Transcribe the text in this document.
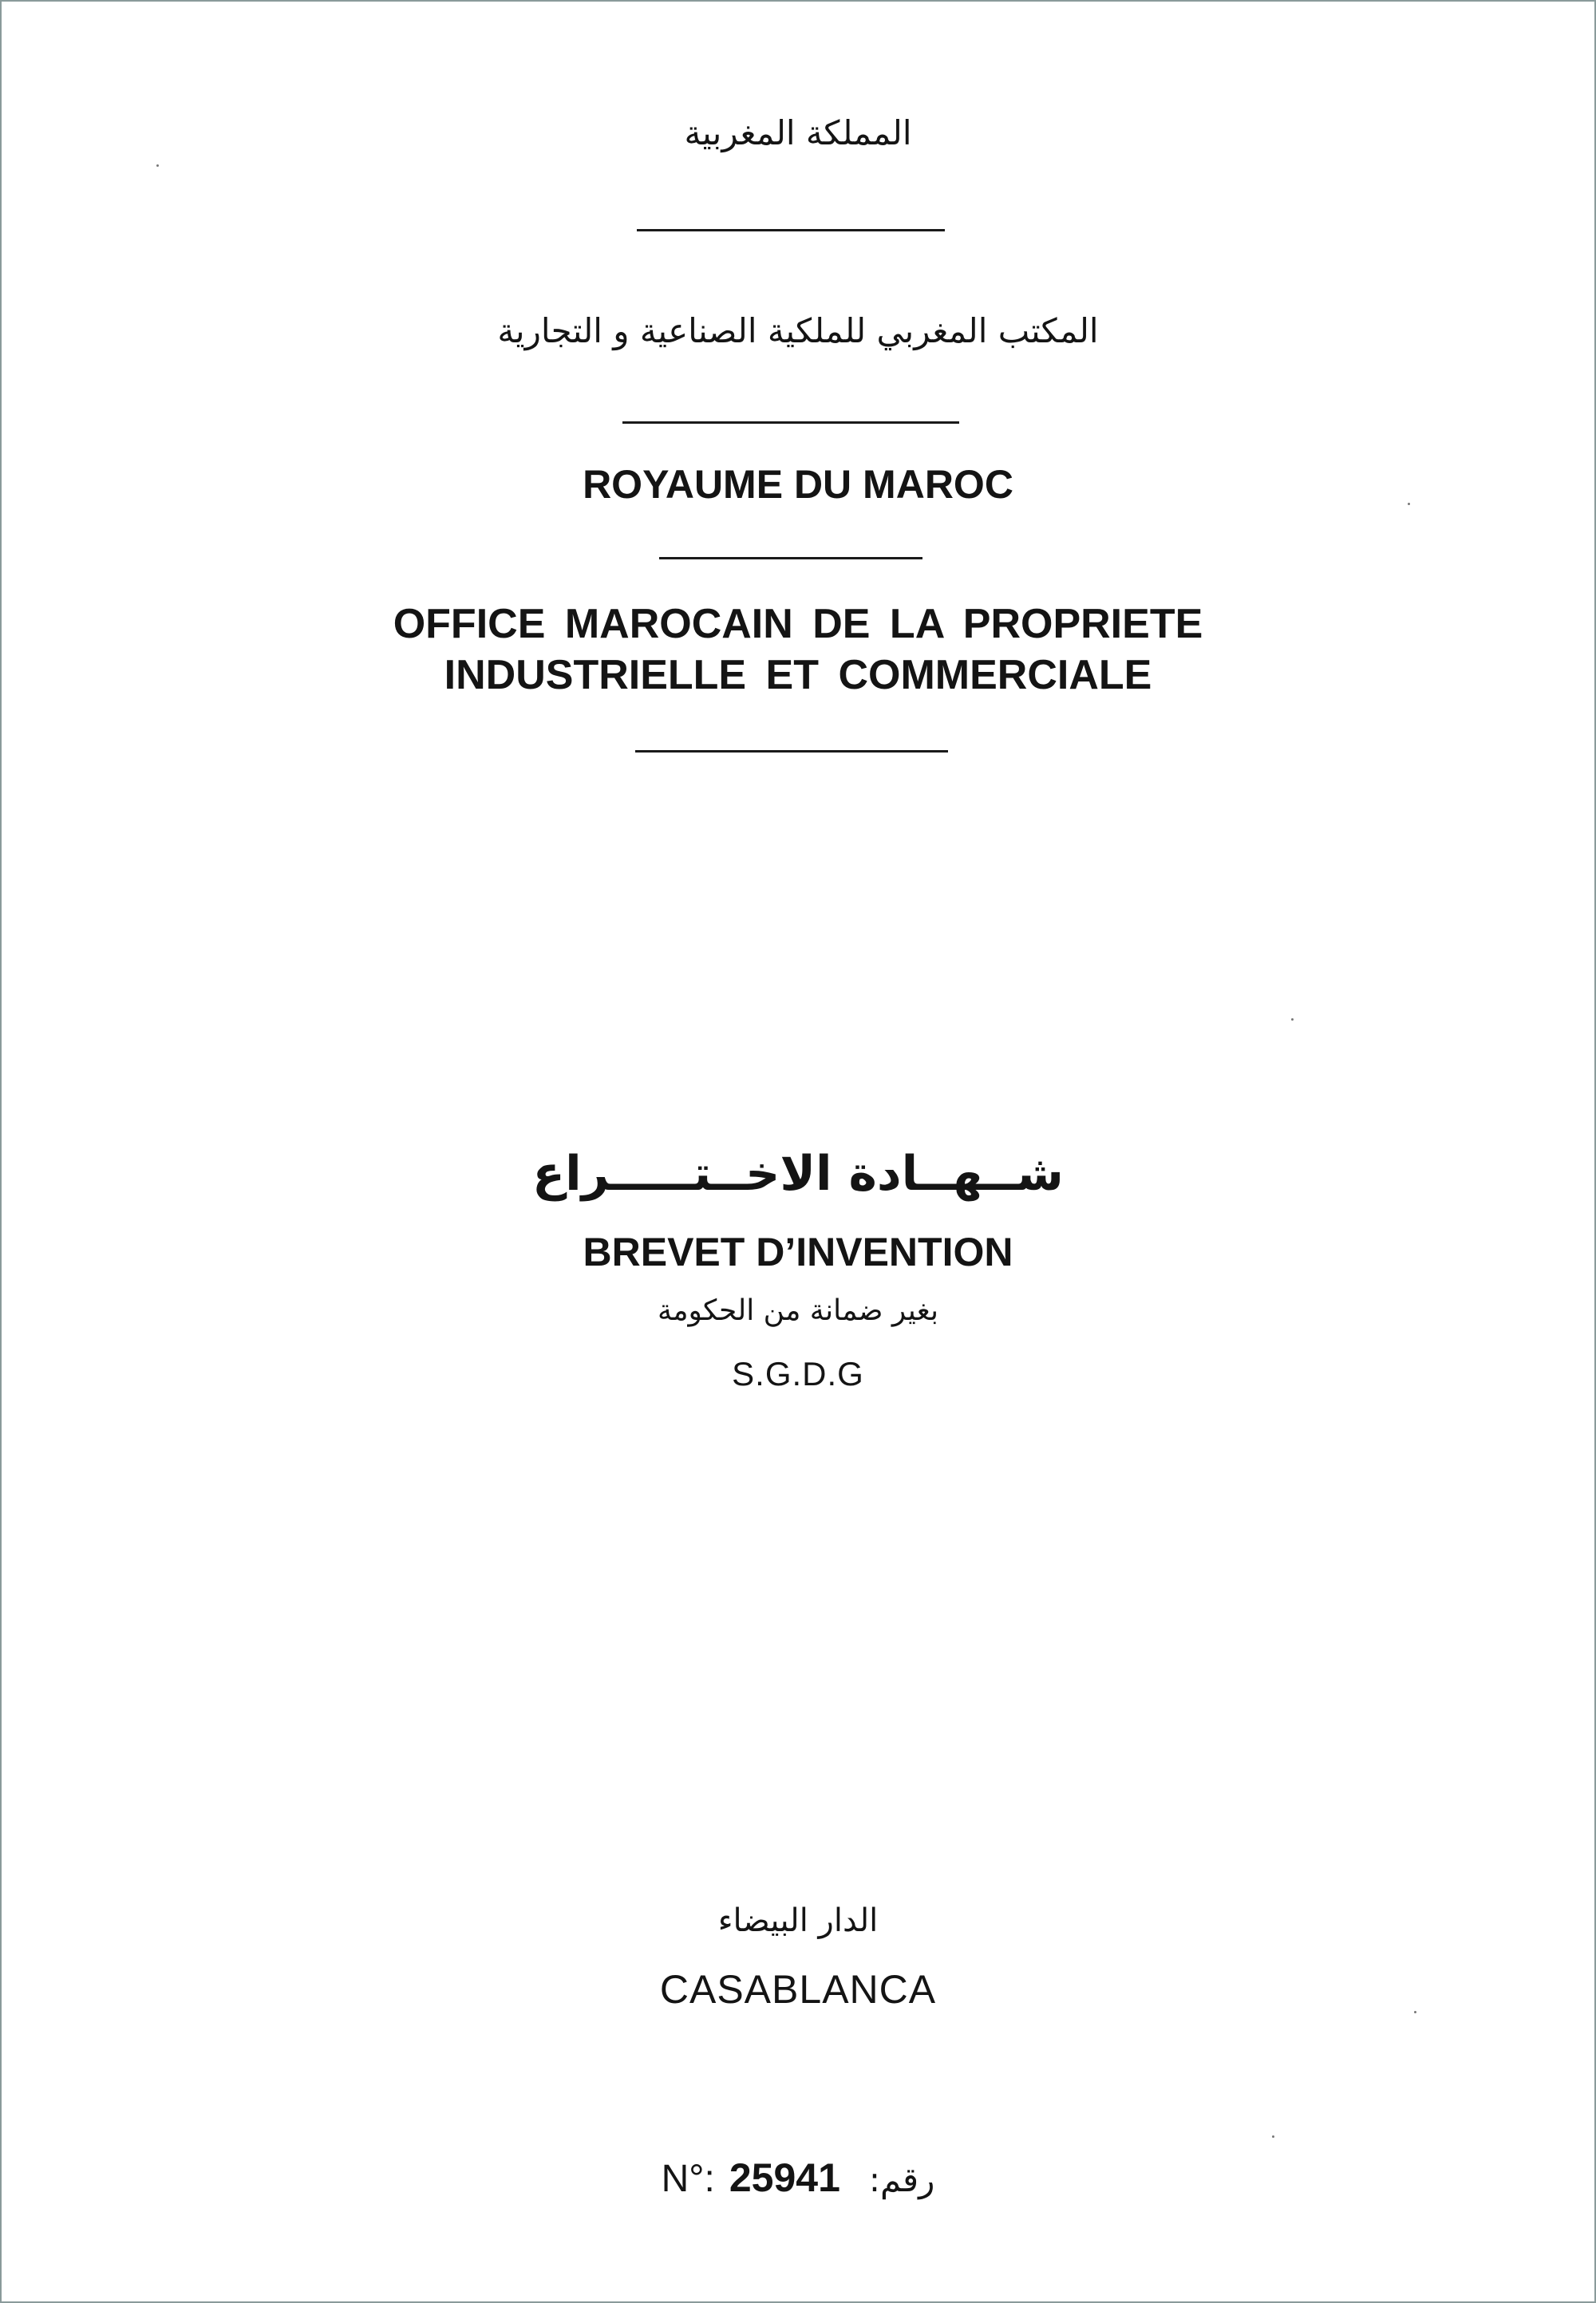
المملكة المغربية
المكتب المغربي للملكية الصناعية و التجارية
ROYAUME DU MAROC
OFFICE MAROCAIN DE LA PROPRIETE
INDUSTRIELLE ET COMMERCIALE
شــهــادة الاخــتـــــراع
BREVET D’INVENTION
بغير ضمانة من الحكومة
S.G.D.G
الدار البيضاء
CASABLANCA
N°: 25941 رقم:
